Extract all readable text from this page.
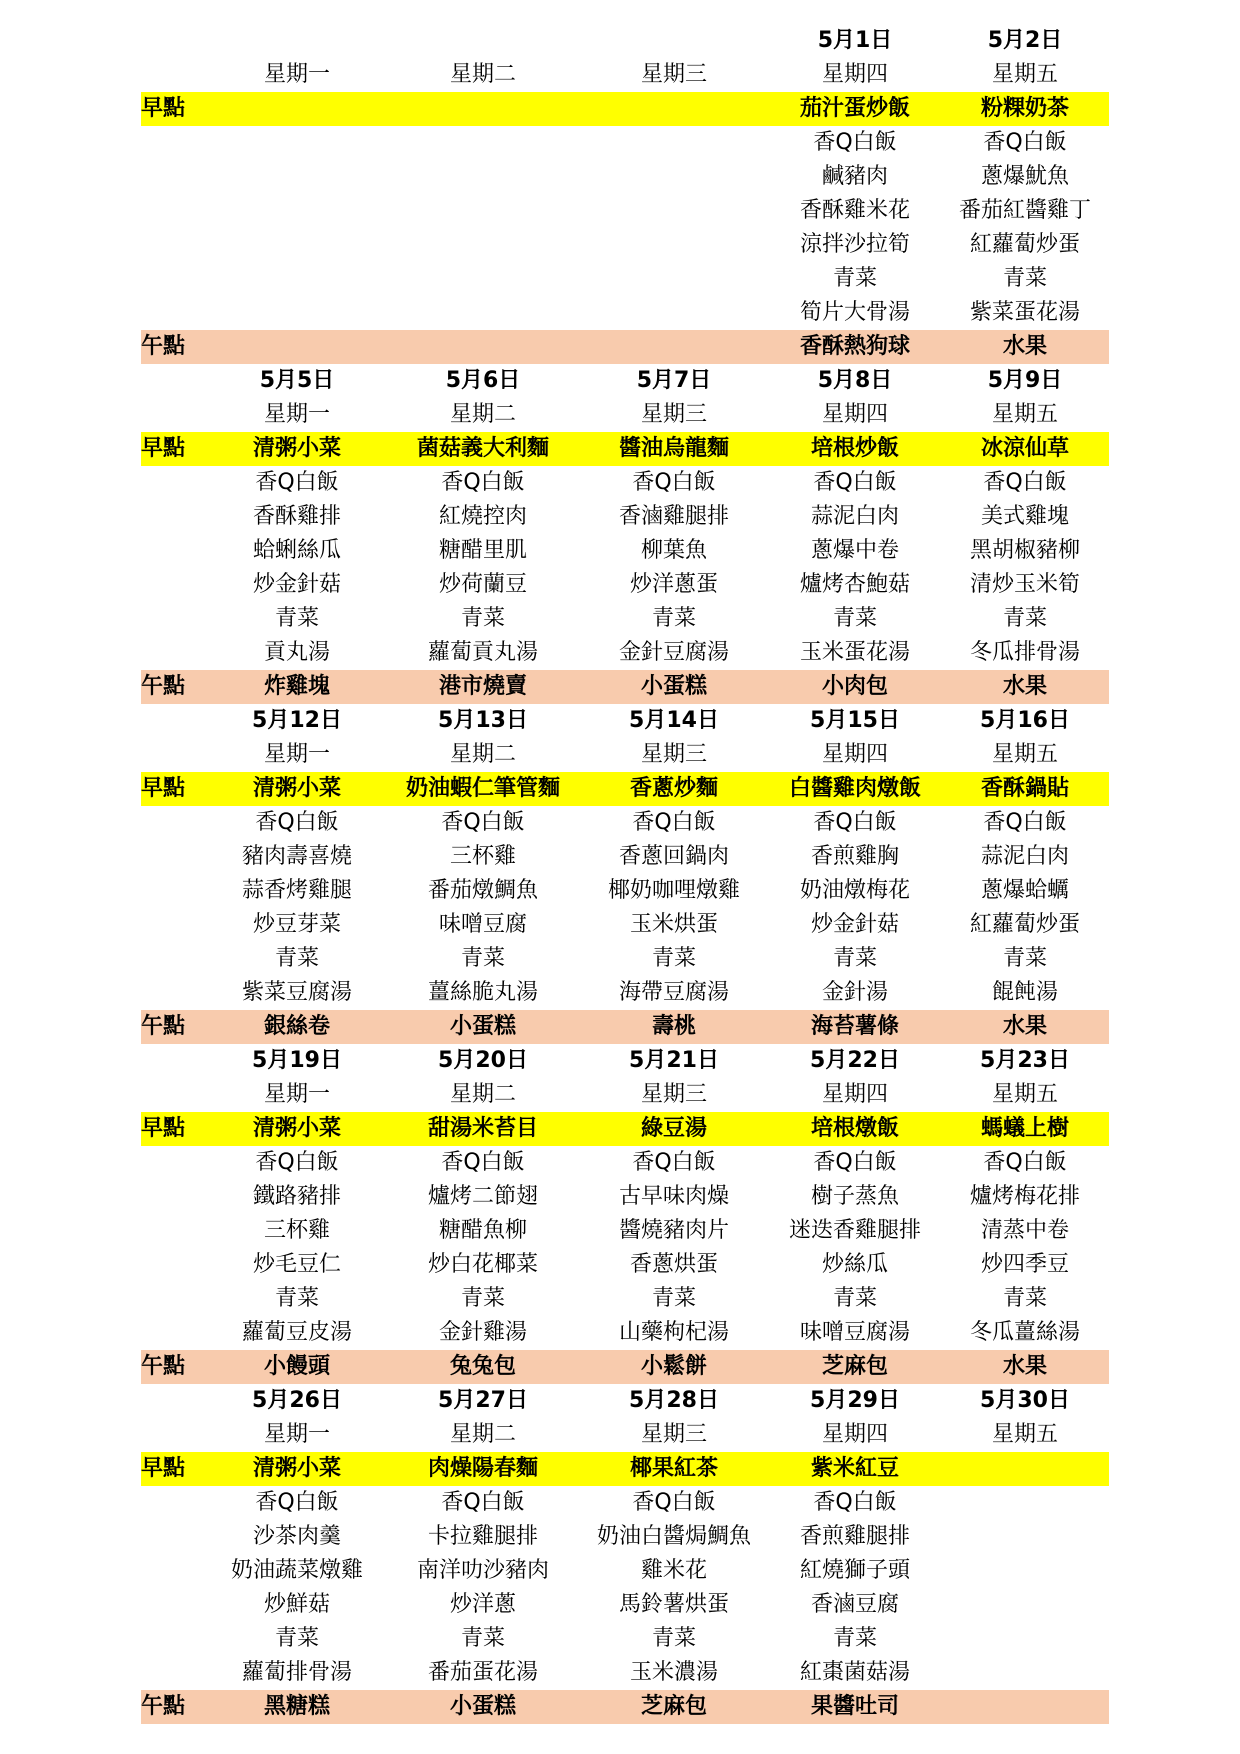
				5月1日	5月2日
	星期一	星期二	星期三	星期四	星期五
早點				茄汁蛋炒飯	粉粿奶茶
				香Q白飯	香Q白飯
				鹹豬肉	蔥爆魷魚
				香酥雞米花	番茄紅醬雞丁
				涼拌沙拉筍	紅蘿蔔炒蛋
				青菜	青菜
				筍片大骨湯	紫菜蛋花湯
午點				香酥熱狗球	水果
	5月5日	5月6日	5月7日	5月8日	5月9日
	星期一	星期二	星期三	星期四	星期五
早點	清粥小菜	菌菇義大利麵	醬油烏龍麵	培根炒飯	冰涼仙草
	香Q白飯	香Q白飯	香Q白飯	香Q白飯	香Q白飯
	香酥雞排	紅燒控肉	香滷雞腿排	蒜泥白肉	美式雞塊
	蛤蜊絲瓜	糖醋里肌	柳葉魚	蔥爆中卷	黑胡椒豬柳
	炒金針菇	炒荷蘭豆	炒洋蔥蛋	爐烤杏鮑菇	清炒玉米筍
	青菜	青菜	青菜	青菜	青菜
	貢丸湯	蘿蔔貢丸湯	金針豆腐湯	玉米蛋花湯	冬瓜排骨湯
午點	炸雞塊	港市燒賣	小蛋糕	小肉包	水果
	5月12日	5月13日	5月14日	5月15日	5月16日
	星期一	星期二	星期三	星期四	星期五
早點	清粥小菜	奶油蝦仁筆管麵	香蔥炒麵	白醬雞肉燉飯	香酥鍋貼
	香Q白飯	香Q白飯	香Q白飯	香Q白飯	香Q白飯
	豬肉壽喜燒	三杯雞	香蔥回鍋肉	香煎雞胸	蒜泥白肉
	蒜香烤雞腿	番茄燉鯛魚	椰奶咖哩燉雞	奶油燉梅花	蔥爆蛤蠣
	炒豆芽菜	味噌豆腐	玉米烘蛋	炒金針菇	紅蘿蔔炒蛋
	青菜	青菜	青菜	青菜	青菜
	紫菜豆腐湯	薑絲脆丸湯	海帶豆腐湯	金針湯	餛飩湯
午點	銀絲卷	小蛋糕	壽桃	海苔薯條	水果
	5月19日	5月20日	5月21日	5月22日	5月23日
	星期一	星期二	星期三	星期四	星期五
早點	清粥小菜	甜湯米苔目	綠豆湯	培根燉飯	螞蟻上樹
	香Q白飯	香Q白飯	香Q白飯	香Q白飯	香Q白飯
	鐵路豬排	爐烤二節翅	古早味肉燥	樹子蒸魚	爐烤梅花排
	三杯雞	糖醋魚柳	醬燒豬肉片	迷迭香雞腿排	清蒸中卷
	炒毛豆仁	炒白花椰菜	香蔥烘蛋	炒絲瓜	炒四季豆
	青菜	青菜	青菜	青菜	青菜
	蘿蔔豆皮湯	金針雞湯	山藥枸杞湯	味噌豆腐湯	冬瓜薑絲湯
午點	小饅頭	兔兔包	小鬆餅	芝麻包	水果
	5月26日	5月27日	5月28日	5月29日	5月30日
	星期一	星期二	星期三	星期四	星期五
早點	清粥小菜	肉燥陽春麵	椰果紅茶	紫米紅豆	
	香Q白飯	香Q白飯	香Q白飯	香Q白飯	
	沙茶肉羹	卡拉雞腿排	奶油白醬焗鯛魚	香煎雞腿排	
	奶油蔬菜燉雞	南洋叻沙豬肉	雞米花	紅燒獅子頭	
	炒鮮菇	炒洋蔥	馬鈴薯烘蛋	香滷豆腐	
	青菜	青菜	青菜	青菜	
	蘿蔔排骨湯	番茄蛋花湯	玉米濃湯	紅棗菌菇湯	
午點	黑糖糕	小蛋糕	芝麻包	果醬吐司	
